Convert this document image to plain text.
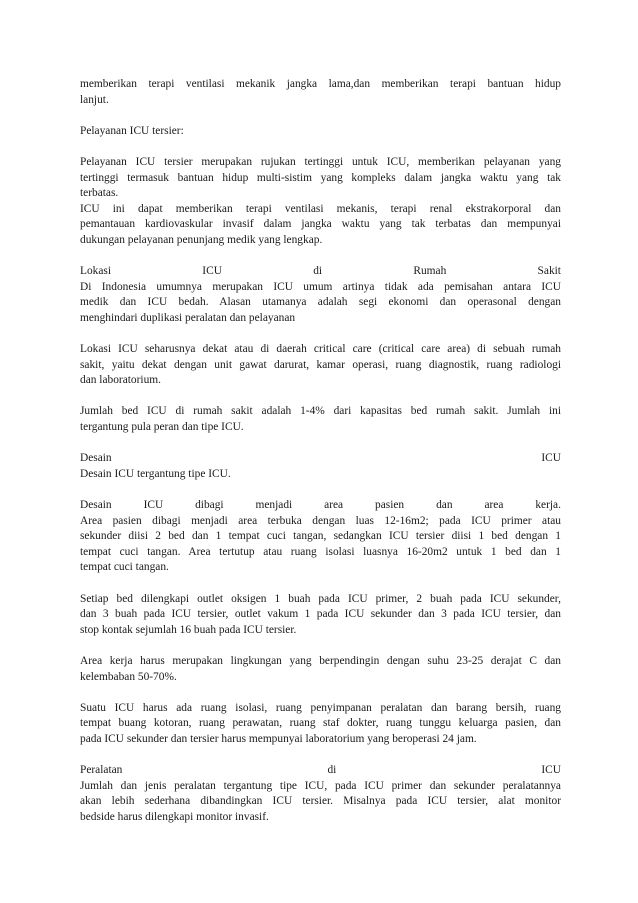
memberikan terapi ventilasi mekanik jangka lama,dan memberikan terapi bantuan hidup
lanjut.
Pelayanan ICU tersier:
Pelayanan ICU tersier merupakan rujukan tertinggi untuk ICU, memberikan pelayanan yang
tertinggi termasuk bantuan hidup multi-sistim yang kompleks dalam jangka waktu yang tak
terbatas.
ICU ini dapat memberikan terapi ventilasi mekanis, terapi renal ekstrakorporal dan
pemantauan kardiovaskular invasif dalam jangka waktu yang tak terbatas dan mempunyai
dukungan pelayanan penunjang medik yang lengkap.
Lokasi	ICU	di	Rumah	Sakit
Di Indonesia umumnya merupakan ICU umum artinya tidak ada pemisahan antara ICU
medik dan ICU bedah. Alasan utamanya adalah segi ekonomi dan operasonal dengan
menghindari duplikasi peralatan dan pelayanan
Lokasi ICU seharusnya dekat atau di daerah critical care (critical care area) di sebuah rumah
sakit, yaitu dekat dengan unit gawat darurat, kamar operasi, ruang diagnostik, ruang radiologi
dan laboratorium.
Jumlah bed ICU di rumah sakit adalah 1-4% dari kapasitas bed rumah sakit. Jumlah ini
tergantung pula peran dan tipe ICU.
Desain	ICU
Desain ICU tergantung tipe ICU.
Desain	ICU	dibagi	menjadi	area	pasien	dan	area	kerja.
Area pasien dibagi menjadi area terbuka dengan luas 12-16m2; pada ICU primer atau
sekunder diisi 2 bed dan 1 tempat cuci tangan, sedangkan ICU tersier diisi 1 bed dengan 1
tempat cuci tangan. Area tertutup atau ruang isolasi luasnya 16-20m2 untuk 1 bed dan 1
tempat cuci tangan.
Setiap bed dilengkapi outlet oksigen 1 buah pada ICU primer, 2 buah pada ICU sekunder,
dan 3 buah pada ICU tersier, outlet vakum 1 pada ICU sekunder dan 3 pada ICU tersier, dan
stop kontak sejumlah 16 buah pada ICU tersier.
Area kerja harus merupakan lingkungan yang berpendingin dengan suhu 23-25 derajat C dan
kelembaban 50-70%.
Suatu ICU harus ada ruang isolasi, ruang penyimpanan peralatan dan barang bersih, ruang
tempat buang kotoran, ruang perawatan, ruang staf dokter, ruang tunggu keluarga pasien, dan
pada ICU sekunder dan tersier harus mempunyai laboratorium yang beroperasi 24 jam.
Peralatan	di	ICU
Jumlah dan jenis peralatan tergantung tipe ICU, pada ICU primer dan sekunder peralatannya
akan lebih sederhana dibandingkan ICU tersier. Misalnya pada ICU tersier, alat monitor
bedside harus dilengkapi monitor invasif.
